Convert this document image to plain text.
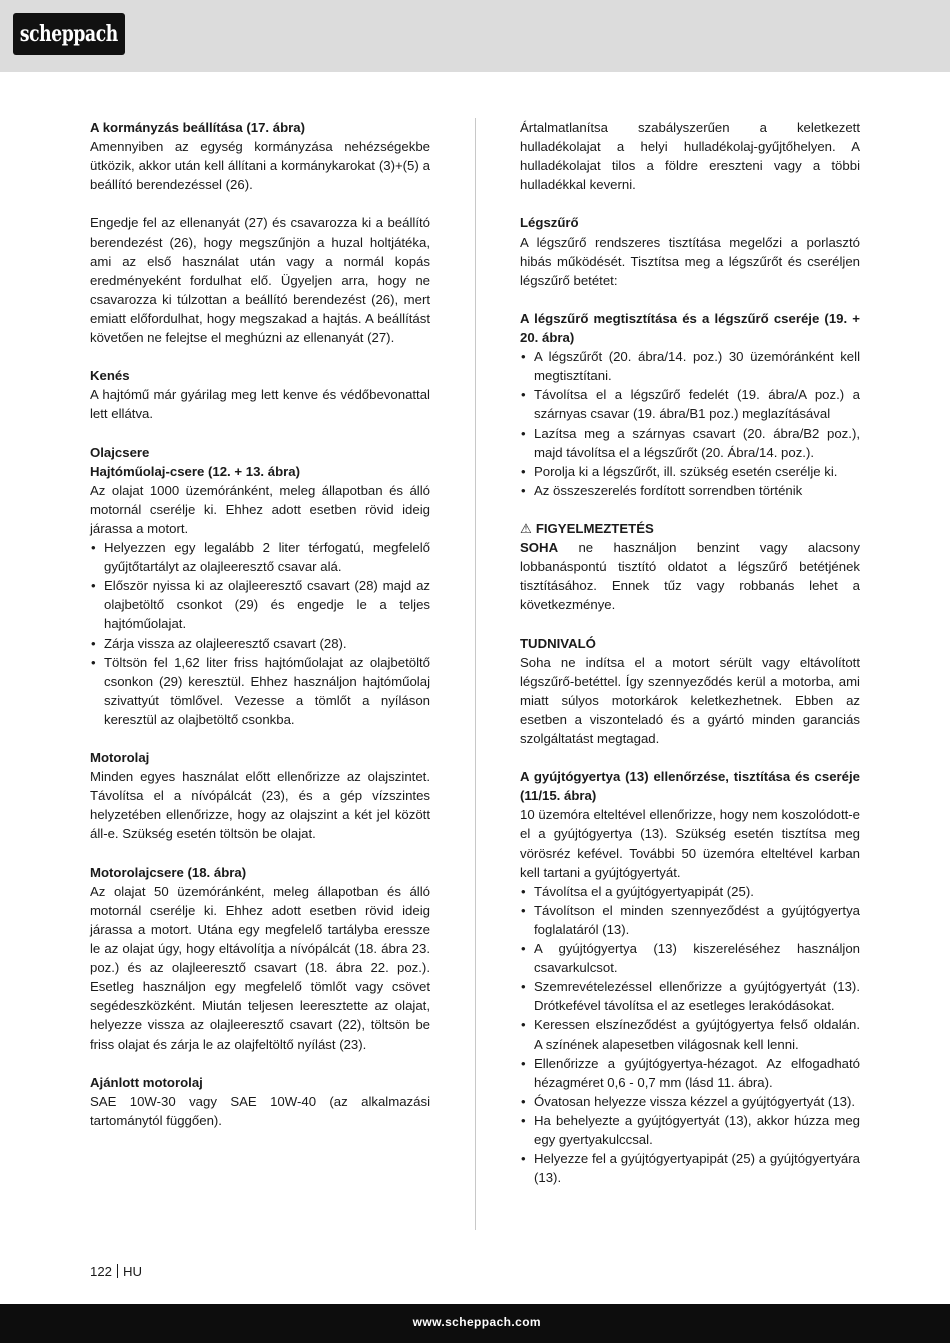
scheppach

A kormányzás beállítása (17. ábra)

Amennyiben az egység kormányzása nehézségekbe ütközik, akkor után kell állítani a kormánykarokat (3)+(5) a beállító berendezéssel (26).

Engedje fel az ellenanyát (27) és csavarozza ki a beállító berendezést (26), hogy megszűnjön a huzal holtjátéka, ami az első használat után vagy a normál kopás eredményeként fordulhat elő. Ügyeljen arra, hogy ne csavarozza ki túlzottan a beállító berendezést (26), mert emiatt előfordulhat, hogy megszakad a hajtás. A beállítást követően ne felejtse el meghúzni az ellenanyát (27).

Kenés

A hajtómű már gyárilag meg lett kenve és védőbevonattal lett ellátva.

Olajcsere

Hajtóműolaj-csere (12. + 13. ábra)

Az olajat 1000 üzemóránként, meleg állapotban és álló motornál cserélje ki. Ehhez adott esetben rövid ideig járassa a motort.

• Helyezzen egy legalább 2 liter térfogatú, megfelelő gyűjtőtartályt az olajleeresztő csavar alá.
• Először nyissa ki az olajleeresztő csavart (28) majd az olajbetöltő csonkot (29) és engedje le a teljes hajtóműolajat.
• Zárja vissza az olajleeresztő csavart (28).
• Töltsön fel 1,62 liter friss hajtóműolajat az olajbetöltő csonkon (29) keresztül. Ehhez használjon hajtóműolaj szivattyút tömlővel. Vezesse a tömlőt a nyíláson keresztül az olajbetöltő csonkba.

Motorolaj

Minden egyes használat előtt ellenőrizze az olajszintet. Távolítsa el a nívópálcát (23), és a gép vízszintes helyzetében ellenőrizze, hogy az olajszint a két jel között áll-e. Szükség esetén töltsön be olajat.

Motorolajcsere (18. ábra)

Az olajat 50 üzemóránként, meleg állapotban és álló motornál cserélje ki. Ehhez adott esetben rövid ideig járassa a motort. Utána egy megfelelő tartályba eressze le az olajat úgy, hogy eltávolítja a nívópálcát (18. ábra 23. poz.) és az olajleeresztő csavart (18. ábra 22. poz.). Esetleg használjon egy megfelelő tömlőt vagy csövet segédeszközként. Miután teljesen leeresztette az olajat, helyezze vissza az olajleeresztő csavart (22), töltsön be friss olajat és zárja le az olajfeltöltő nyílást (23).

Ajánlott motorolaj

SAE 10W-30 vagy SAE 10W-40 (az alkalmazási tartománytól függően).

Ártalmatlanítsa szabályszerűen a keletkezett hulladékolajat a helyi hulladékolaj-gyűjtőhelyen. A hulladékolajat tilos a földre ereszteni vagy a többi hulladékkal keverni.

Légszűrő

A légszűrő rendszeres tisztítása megelőzi a porlasztó hibás működését. Tisztítsa meg a légszűrőt és cseréljen légszűrő betétet:

A légszűrő megtisztítása és a légszűrő cseréje (19. + 20. ábra)

• A légszűrőt (20. ábra/14. poz.) 30 üzemóránként kell megtisztítani.
• Távolítsa el a légszűrő fedelét (19. ábra/A poz.) a szárnyas csavar (19. ábra/B1 poz.) meglazításával
• Lazítsa meg a szárnyas csavart (20. ábra/B2 poz.), majd távolítsa el a légszűrőt (20. Ábra/14. poz.).
• Porolja ki a légszűrőt, ill. szükség esetén cserélje ki.
• Az összeszerelés fordított sorrendben történik

⚠ FIGYELMEZTETÉS

SOHA ne használjon benzint vagy alacsony lobbanáspontú tisztító oldatot a légszűrő betétjének tisztításához. Ennek tűz vagy robbanás lehet a következménye.

TUDNIVALÓ

Soha ne indítsa el a motort sérült vagy eltávolított légszűrő-betéttel. Így szennyeződés kerül a motorba, ami miatt súlyos motorkárok keletkezhetnek. Ebben az esetben a viszonteladó és a gyártó minden garanciás szolgáltatást megtagad.

A gyújtógyertya (13) ellenőrzése, tisztítása és cseréje (11/15. ábra)

10 üzemóra elteltével ellenőrizze, hogy nem koszolódott-e el a gyújtógyertya (13). Szükség esetén tisztítsa meg vörösréz kefével. További 50 üzemóra elteltével karban kell tartani a gyújtógyertyát.

• Távolítsa el a gyújtógyertyapipát (25).
• Távolítson el minden szennyeződést a gyújtógyertya foglalatáról (13).
• A gyújtógyertya (13) kiszereléséhez használjon csavarkulcsot.
• Szemrevételezéssel ellenőrizze a gyújtógyertyát (13). Drótkefével távolítsa el az esetleges lerakódásokat.
• Keressen elszíneződést a gyújtógyertya felső oldalán. A színének alapesetben világosnak kell lenni.
• Ellenőrizze a gyújtógyertya-hézagot. Az elfogadható hézagméret 0,6 - 0,7 mm (lásd 11. ábra).
• Óvatosan helyezze vissza kézzel a gyújtógyertyát (13).
• Ha behelyezte a gyújtógyertyát (13), akkor húzza meg egy gyertyakulccsal.
• Helyezze fel a gyújtógyertyapipát (25) a gyújtógyertyára (13).
122 HU
www.scheppach.com
